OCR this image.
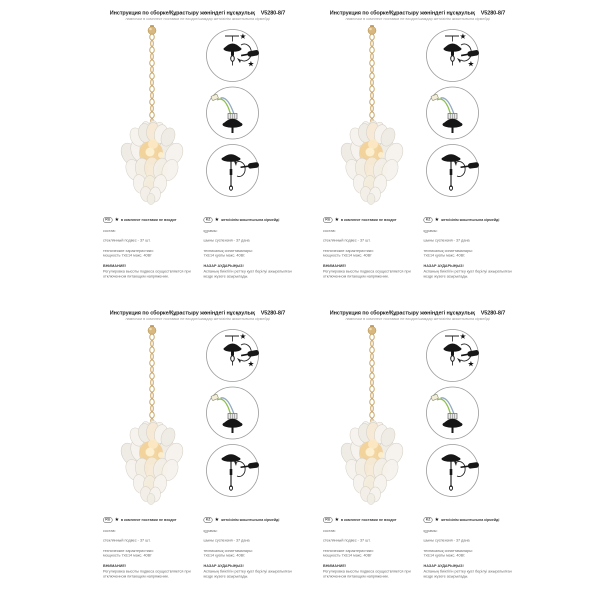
Инструкция по сборке/Құрастыру жөніндегі нұсқаулық V5280-8/7
лампочки в комплект поставки не входят/шамдар жеткізілім жиынтығына кірмейді
★
★
RU ★ в комплект поставки не входит
состав:
стеклянный подвес - 37 шт.
технические характеристики:
мощность 7хЕ14 макс. 40Вт
ВНИМАНИЕ!
Регулировка высоты подвеса осуществляется при отключенном питающем напряжении.
KZ ★ жеткізілім жиынтығына кірмейді
құрамы:
шыны суспензия - 37 дана
техникалық сипаттамалары:
7хЕ14 қуаты макс. 40Вт.
НАЗАР АУДАРЫҢЫЗ!
Аспаның биіктігін реттеу қуат берілуі ажыратылған кезде жүзеге асырылады.
Инструкция по сборке/Құрастыру жөніндегі нұсқаулық V5280-8/7
лампочки в комплект поставки не входят/шамдар жеткізілім жиынтығына кірмейді
★
★
RU ★ в комплект поставки не входит
состав:
стеклянный подвес - 37 шт.
технические характеристики:
мощность 7хЕ14 макс. 40Вт
ВНИМАНИЕ!
Регулировка высоты подвеса осуществляется при отключенном питающем напряжении.
KZ ★ жеткізілім жиынтығына кірмейді
құрамы:
шыны суспензия - 37 дана
техникалық сипаттамалары:
7хЕ14 қуаты макс. 40Вт.
НАЗАР АУДАРЫҢЫЗ!
Аспаның биіктігін реттеу қуат берілуі ажыратылған кезде жүзеге асырылады.
Инструкция по сборке/Құрастыру жөніндегі нұсқаулық V5280-8/7
лампочки в комплект поставки не входят/шамдар жеткізілім жиынтығына кірмейді
★
★
RU ★ в комплект поставки не входит
состав:
стеклянный подвес - 37 шт.
технические характеристики:
мощность 7хЕ14 макс. 40Вт
ВНИМАНИЕ!
Регулировка высоты подвеса осуществляется при отключенном питающем напряжении.
KZ ★ жеткізілім жиынтығына кірмейді
құрамы:
шыны суспензия - 37 дана
техникалық сипаттамалары:
7хЕ14 қуаты макс. 40Вт.
НАЗАР АУДАРЫҢЫЗ!
Аспаның биіктігін реттеу қуат берілуі ажыратылған кезде жүзеге асырылады.
Инструкция по сборке/Құрастыру жөніндегі нұсқаулық V5280-8/7
лампочки в комплект поставки не входят/шамдар жеткізілім жиынтығына кірмейді
★
★
RU ★ в комплект поставки не входит
состав:
стеклянный подвес - 37 шт.
технические характеристики:
мощность 7хЕ14 макс. 40Вт
ВНИМАНИЕ!
Регулировка высоты подвеса осуществляется при отключенном питающем напряжении.
KZ ★ жеткізілім жиынтығына кірмейді
құрамы:
шыны суспензия - 37 дана
техникалық сипаттамалары:
7хЕ14 қуаты макс. 40Вт.
НАЗАР АУДАРЫҢЫЗ!
Аспаның биіктігін реттеу қуат берілуі ажыратылған кезде жүзеге асырылады.
